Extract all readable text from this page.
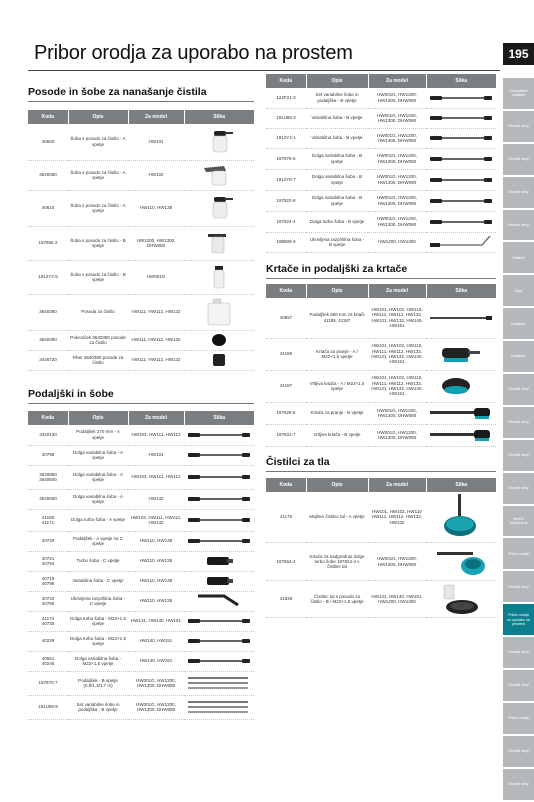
Pribor orodja za uporabo na prostem	195
Visokotlačni čistilniki
Rezalni stroji
Rezalni stroji
Rezalni stroji
Rezalni stroji
Vrtalniki
Žage
Brusilniki
Brusilniki
Rezalni stroji
Rezalni stroji
Rezalni stroji
Rezalni stroji
Merilni instrumenti
Pribor orodja
Rezalni stroji
Pribor orodja za uporabo na prostem
Rezalni stroji
Rezalni stroji
Pribor orodja
Rezalni stroji
Rezalni stroji
Posode in šobe za nanašanje čistila
Koda	Opis	Za model	Slika
40600	Šoba s posodo za čistilo - A vpetje	HW101	

3640080	Šoba s posodo za čistilo - A vpetje	HW102	

40610	Šoba s posodo za čistilo - A vpetje	HW110, HW138	

197856-2	Šoba s posodo za čistilo - B vpetje	HW1200, HW1300, DHW080	

1912Y2-5	Šoba s posodo za čistilo - B vpetje	HW001G	

3640380	Posoda za čistilo	HW111, HW112, HW132	

3640390	Pokrovček 3640380 posode za čistilo	HW111, HW112, HW132	

3446720	Filter 3640380 posode za čistilo	HW111, HW112, HW132	
Podaljški in šobe
Koda	Opis	Za model	Slika
3320130	Podaljšek 270 mm - A vpetje	HW102, HW111, HW112	

40798	Dolga variabilna šoba - A vpetje	HW101	

3640850
3640840	Dolga variabilna šoba - A vpetje	HW102, HW111, HW112	

3640930	Dolga variabilna šoba - A vpetje	HW132	

41169
41171	Dolga turbo šoba - A vpetje	HW102, HW111, HW112, HW132	

40720	Podaljšek - A vpetje na C vpetje	HW110, HW138	

40721
40794	Turbo šoba - C vpetje	HW110, HW138	

40719
40796	Variabilna šoba - C vpetje	HW110, HW138	

40722
40795	Ukrivljena razpršilna šoba - C vpetje	HW110, HW138	

41173
40730	Dolga turbo šoba - M22×1,5 vpetje	HW131, HW140, HW151	

40229	Dolga turbo šoba - M22×1,5 vpetje	HW140, HW151	

40551
40246	Dolga variabilna šoba - M22×1,5 vpetje	HW140, HW151	

197870-7	Podaljšek - B vpetje (0,9/1,3/1,7 m)	HW001G, HW1200, HW1300, DHW080	

191U58-8	Set variabilne šobe in podaljška - B vpetje	HW001G, HW1200, HW1300, DHW080	
Koda	Opis	Za model	Slika
122F21-3	Set variabilne šobe in podaljška - B vpetje	HW001G, HW1200, HW1300, DHW080	

191U86-2	Variabilna šoba - B vpetje	HW001G, HW1200, HW1300, DHW080	

1912Y4-1	Variabilna šoba - B vpetje	HW001G, HW1200, HW1300, DHW080	

197876-5	Dolga variabilna šoba - B vpetje	HW001G, HW1200, HW1300, DHW080	

1912Y6-7	Dolga variabilna šoba - B vpetje	HW001G, HW1200, HW1300, DHW080	

197822-8	Dolga variabilna šoba - B vpetje	HW001G, HW1200, HW1300, DHW080	

197824-4	Dolga turbo šoba - B vpetje	HW001G, HW1200, HW1300, DHW080	

198909-3	Ukrivljena razpršilna šoba - B vpetje	HW1200, HW1300	
Krtače in podaljški za krtače
Koda	Opis	Za model	Slika
40657	Podaljšek 600 mm za krtači 41185, 41187	HW101, HW102, HW110, HW111, HW112, HW132, HW131, HW132, HW140, HW151	

41186	Krtača za pranje - A / M22×1,5 vpetje	HW101, HW102, HW110, HW111, HW112, HW132, HW131, HW132, HW140, HW151	

41187	Vrtljiva krtača - A / M22×1,5 vpetje	HW101, HW102, HW110, HW111, HW112, HW132, HW131, HW132, HW140, HW151	

197828-6	Krtača za pranje - B vpetje	HW001G, HW1200, HW1300, DHW080	

197831-7	Vrtljiva krtača - B vpetje	HW001G, HW1200, HW1300, DHW080	
Čistilci za tla
Koda	Opis	Za model	Slika
41175	Majhen čistilec tal - A vpetje	HW101, HW102, HW110 HW111, HW112, HW132, HW132	

197864-2	Krtača za nadgradnjo dolge turbo šobe 197824-4 v čistilec tal	HW001G, HW1200, HW1300, DHW080	

41849	Čistilec tal s posodo za čistilo - B / M22×1,5 vpetje	HW131, HW140, HW151, HW1200, HW1300	
